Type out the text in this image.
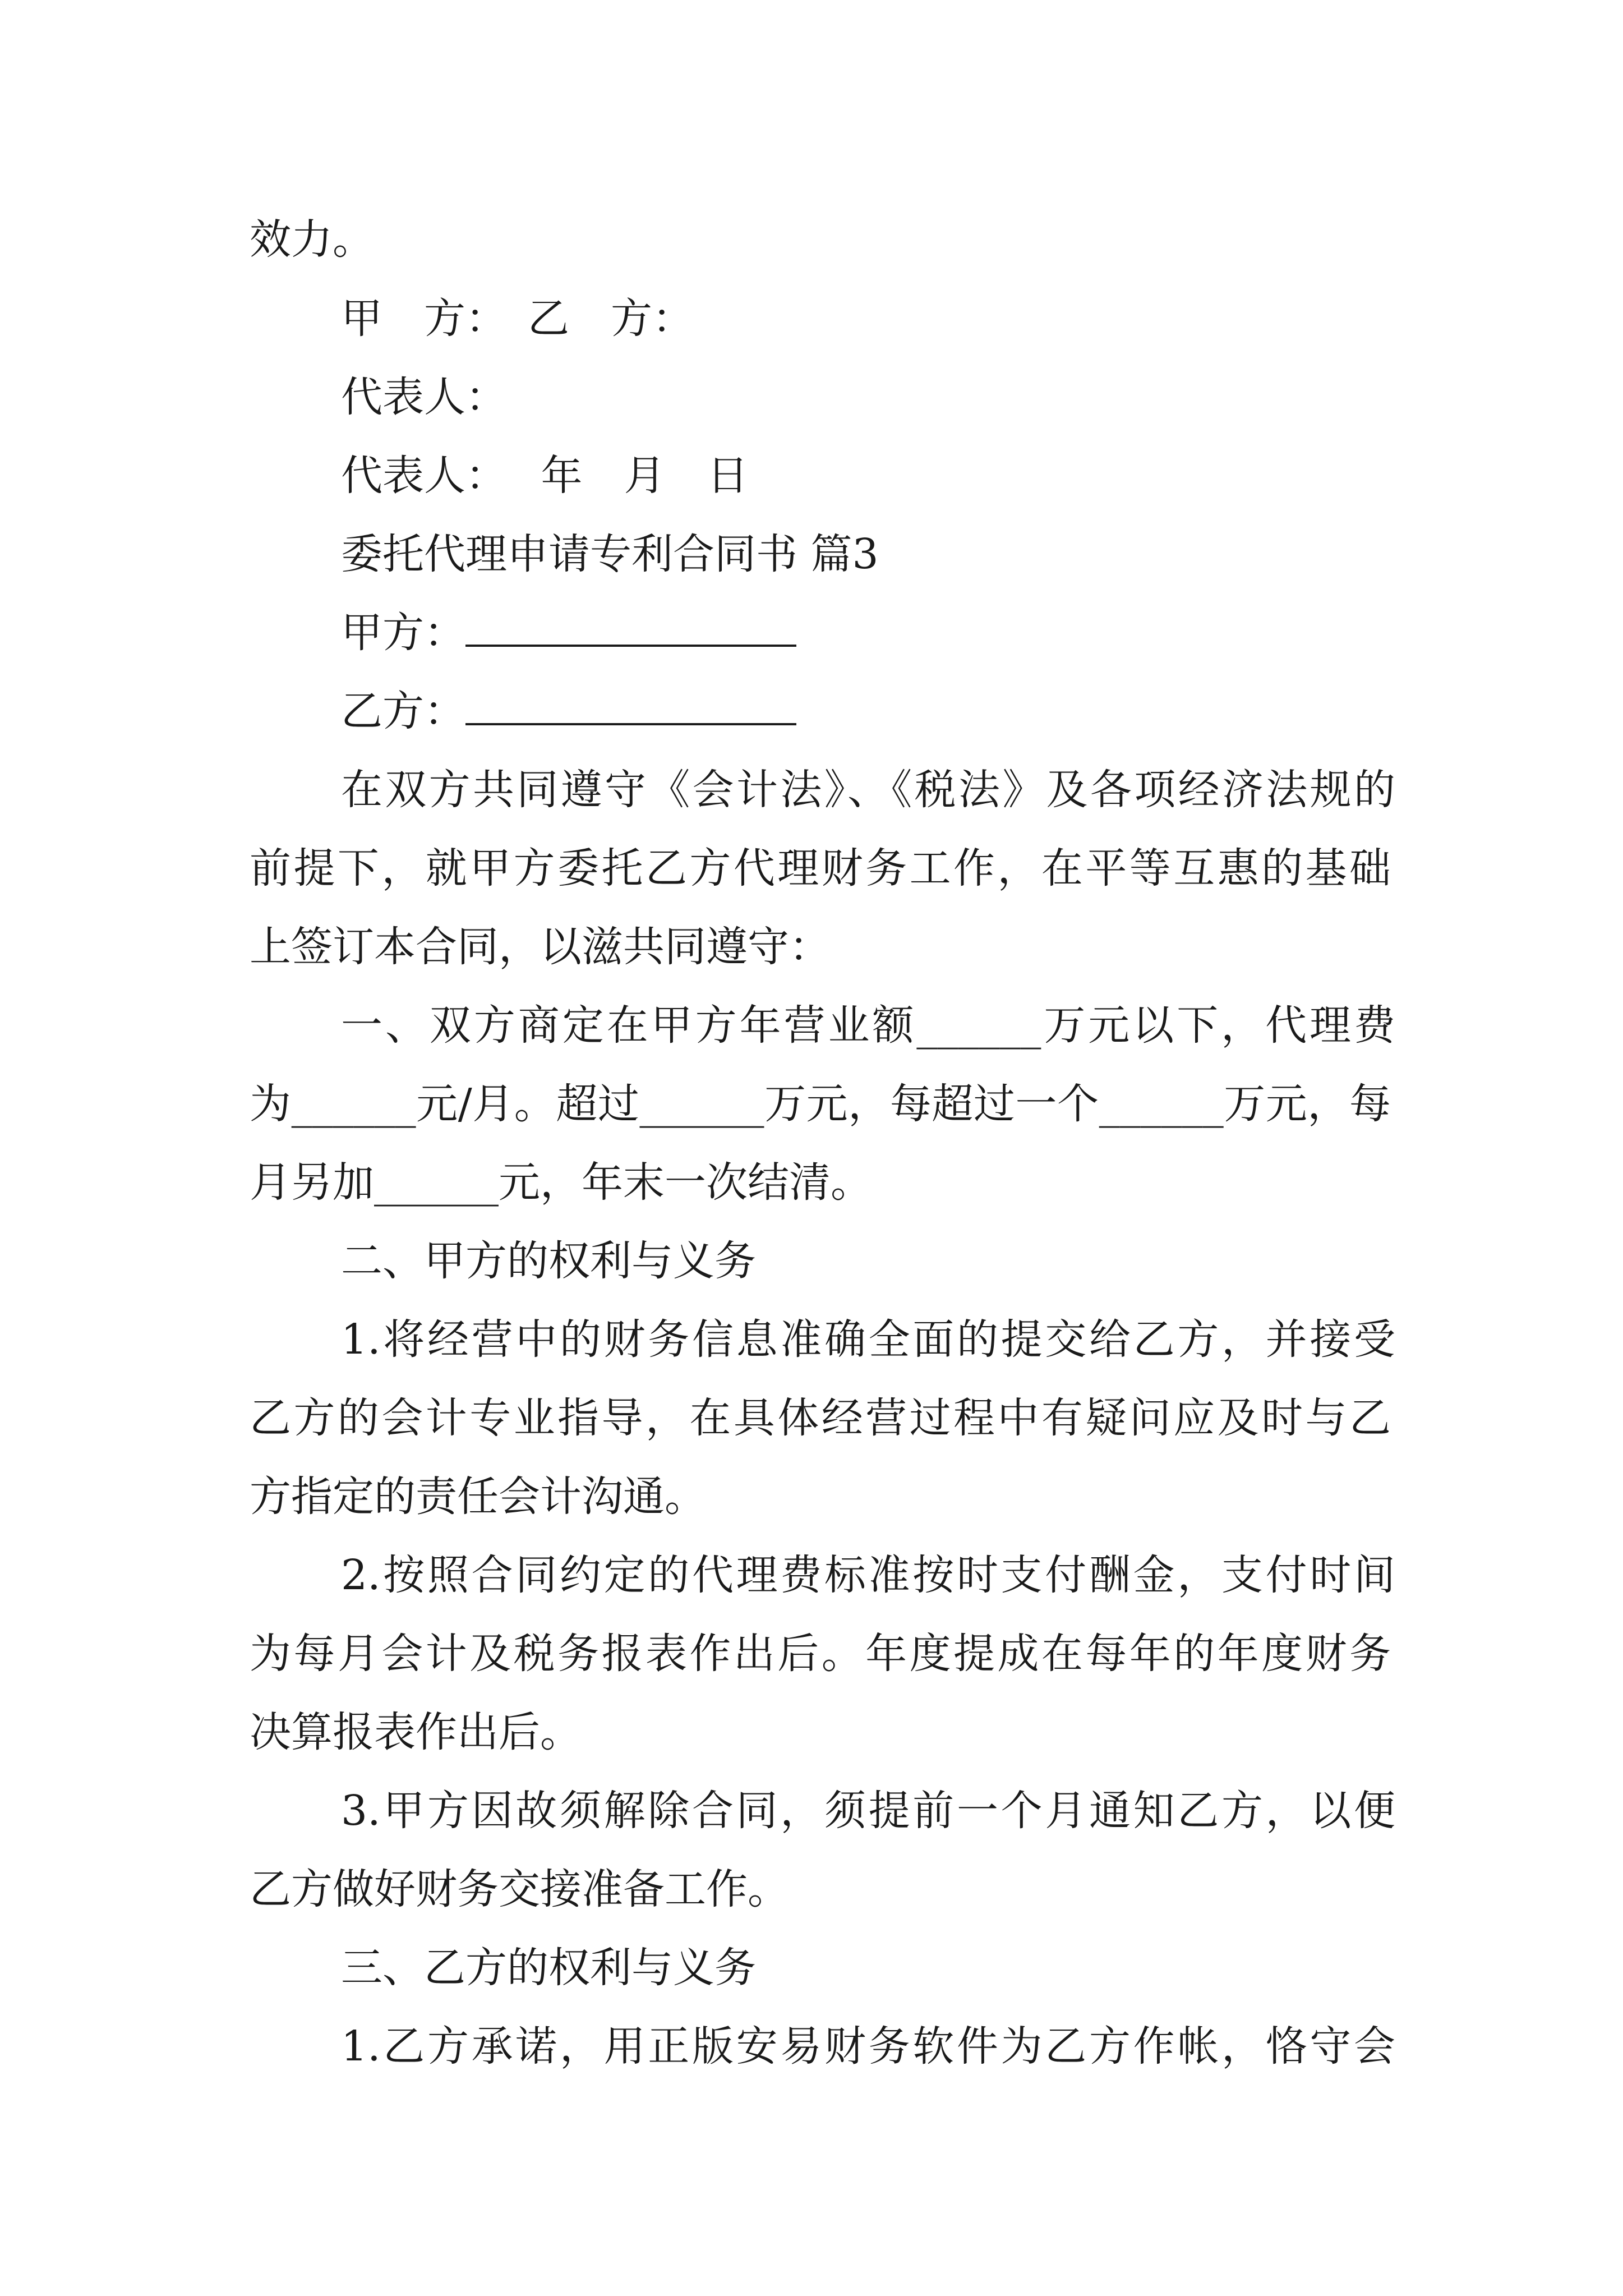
效力。
甲　方：　乙　方：
代表人：
代表人：　 年　月　日
委托代理申请专利合同书 篇3
甲方：
乙方：
在双方共同遵守《会计法》、《税法》及各项经济法规的
前提下，就甲方委托乙方代理财务工作，在平等互惠的基础
上签订本合同，以滋共同遵守：
一、双方商定在甲方年营业额______万元以下，代理费
为______元/月。超过______万元，每超过一个______万元，每
月另加______元，年末一次结清。
二、甲方的权利与义务
1.将经营中的财务信息准确全面的提交给乙方，并接受
乙方的会计专业指导，在具体经营过程中有疑问应及时与乙
方指定的责任会计沟通。
2.按照合同约定的代理费标准按时支付酬金，支付时间
为每月会计及税务报表作出后。年度提成在每年的年度财务
决算报表作出后。
3.甲方因故须解除合同，须提前一个月通知乙方，以便
乙方做好财务交接准备工作。
三、乙方的权利与义务
1.乙方承诺，用正版安易财务软件为乙方作帐，恪守会
